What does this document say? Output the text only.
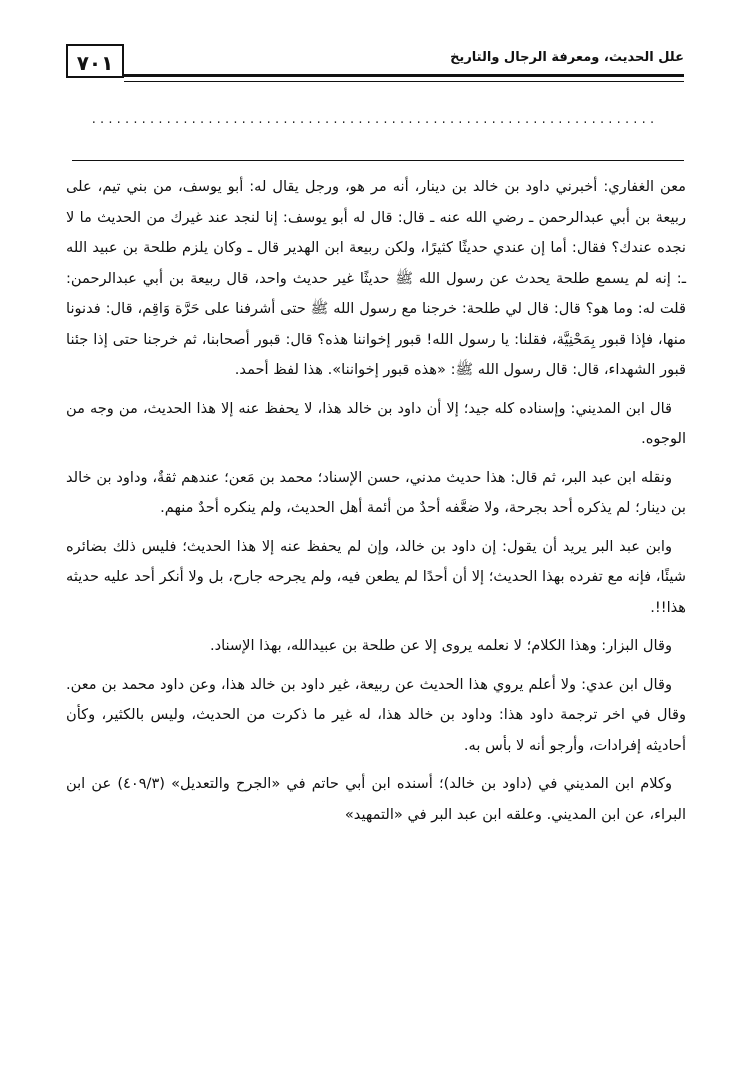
٧٠١	علل الحديث، ومعرفة الرجال والتاريخ
....................................................................

معن الغفاري: أخبرني داود بن خالد بن دينار، أنه مر هو، ورجل يقال له: أبو يوسف، من بني تيم، على ربيعة بن أبي عبدالرحمن ـ رضي الله عنه ـ قال: قال له أبو يوسف: إنا لنجد عند غيرك من الحديث ما لا نجده عندك؟ فقال: أما إن عندي حديثًا كثيرًا، ولكن ربيعة ابن الهدير قال ـ وكان يلزم طلحة بن عبيد الله ـ: إنه لم يسمع طلحة يحدث عن رسول الله ﷺ حديثًا غير حديث واحد، قال ربيعة بن أبي عبدالرحمن: قلت له: وما هو؟ قال: قال لي طلحة: خرجنا مع رسول الله ﷺ حتى أشرفنا على حَرَّة وَاقِم، قال: فدنونا منها، فإذا قبور بِمَحْنِيَّة، فقلنا: يا رسول الله! قبور إخواننا هذه؟ قال: قبور أصحابنا، ثم خرجنا حتى إذا جئنا قبور الشهداء، قال: قال رسول الله ﷺ: «هذه قبور إخواننا». هذا لفظ أحمد.

قال ابن المديني: وإسناده كله جيد؛ إلا أن داود بن خالد هذا، لا يحفظ عنه إلا هذا الحديث، من وجه من الوجوه.

ونقله ابن عبد البر، ثم قال: هذا حديث مدني، حسن الإسناد؛ محمد بن مَعن؛ عندهم ثقةٌ، وداود بن خالد بن دينار؛ لم يذكره أحد بجرحة، ولا ضعَّفه أحدٌ من أئمة أهل الحديث، ولم ينكره أحدٌ منهم.

وابن عبد البر يريد أن يقول: إن داود بن خالد، وإن لم يحفظ عنه إلا هذا الحديث؛ فليس ذلك بضائره شيئًا، فإنه مع تفرده بهذا الحديث؛ إلا أن أحدًا لم يطعن فيه، ولم يجرحه جارح، بل ولا أنكر أحد عليه حديثه هذا!!.

وقال البزار: وهذا الكلام؛ لا نعلمه يروى إلا عن طلحة بن عبيدالله، بهذا الإسناد.

وقال ابن عدي: ولا أعلم يروي هذا الحديث عن ربيعة، غير داود بن خالد هذا، وعن داود محمد بن معن. وقال في اخر ترجمة داود هذا: وداود بن خالد هذا، له غير ما ذكرت من الحديث، وليس بالكثير، وكأن أحاديثه إفرادات، وأرجو أنه لا بأس به.

وكلام ابن المديني في (داود بن خالد)؛ أسنده ابن أبي حاتم في «الجرح والتعديل» (٤٠٩/٣) عن ابن البراء، عن ابن المديني. وعلقه ابن عبد البر في «التمهيد»
